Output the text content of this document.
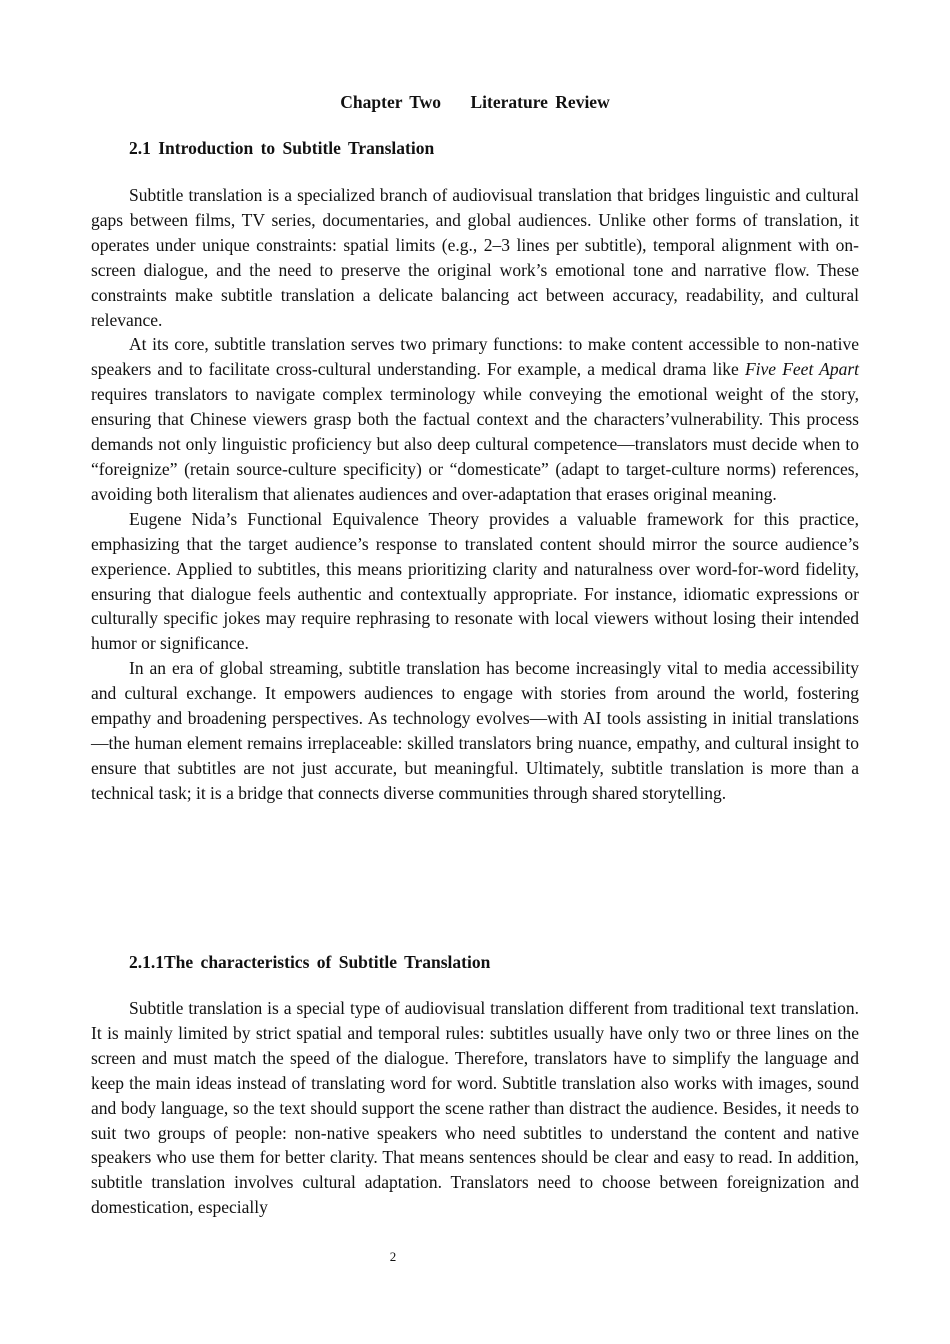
Chapter Two    Literature Review
2.1 Introduction to Subtitle Translation

Subtitle translation is a specialized branch of audiovisual translation that bridges linguistic and cultural gaps between films, TV series, documentaries, and global audiences. Unlike other forms of translation, it operates under unique constraints: spatial limits (e.g., 2–3 lines per subtitle), temporal alignment with on-screen dialogue, and the need to preserve the original work’s emotional tone and narrative flow. These constraints make subtitle translation a delicate balancing act between accuracy, readability, and cultural relevance.

At its core, subtitle translation serves two primary functions: to make content accessible to non-native speakers and to facilitate cross-cultural understanding. For example, a medical drama like Five Feet Apart requires translators to navigate complex terminology while conveying the emotional weight of the story, ensuring that Chinese viewers grasp both the factual context and the characters’vulnerability. This process demands not only linguistic proficiency but also deep cultural competence—translators must decide when to “foreignize” (retain source-culture specificity) or “domesticate” (adapt to target-culture norms) references, avoiding both literalism that alienates audiences and over-adaptation that erases original meaning.

Eugene Nida’s Functional Equivalence Theory provides a valuable framework for this practice, emphasizing that the target audience’s response to translated content should mirror the source audience’s experience. Applied to subtitles, this means prioritizing clarity and naturalness over word-for-word fidelity, ensuring that dialogue feels authentic and contextually appropriate. For instance, idiomatic expressions or culturally specific jokes may require rephrasing to resonate with local viewers without losing their intended humor or significance.

In an era of global streaming, subtitle translation has become increasingly vital to media accessibility and cultural exchange. It empowers audiences to engage with stories from around the world, fostering empathy and broadening perspectives. As technology evolves—with AI tools assisting in initial translations—the human element remains irreplaceable: skilled translators bring nuance, empathy, and cultural insight to ensure that subtitles are not just accurate, but meaningful. Ultimately, subtitle translation is more than a technical task; it is a bridge that connects diverse communities through shared storytelling.

2.1.1The characteristics of Subtitle Translation

Subtitle translation is a special type of audiovisual translation different from traditional text translation. It is mainly limited by strict spatial and temporal rules: subtitles usually have only two or three lines on the screen and must match the speed of the dialogue. Therefore, translators have to simplify the language and keep the main ideas instead of translating word for word. Subtitle translation also works with images, sound and body language, so the text should support the scene rather than distract the audience. Besides, it needs to suit two groups of people: non-native speakers who need subtitles to understand the content and native speakers who use them for better clarity. That means sentences should be clear and easy to read. In addition, subtitle translation involves cultural adaptation. Translators need to choose between foreignization and domestication, especially

2
